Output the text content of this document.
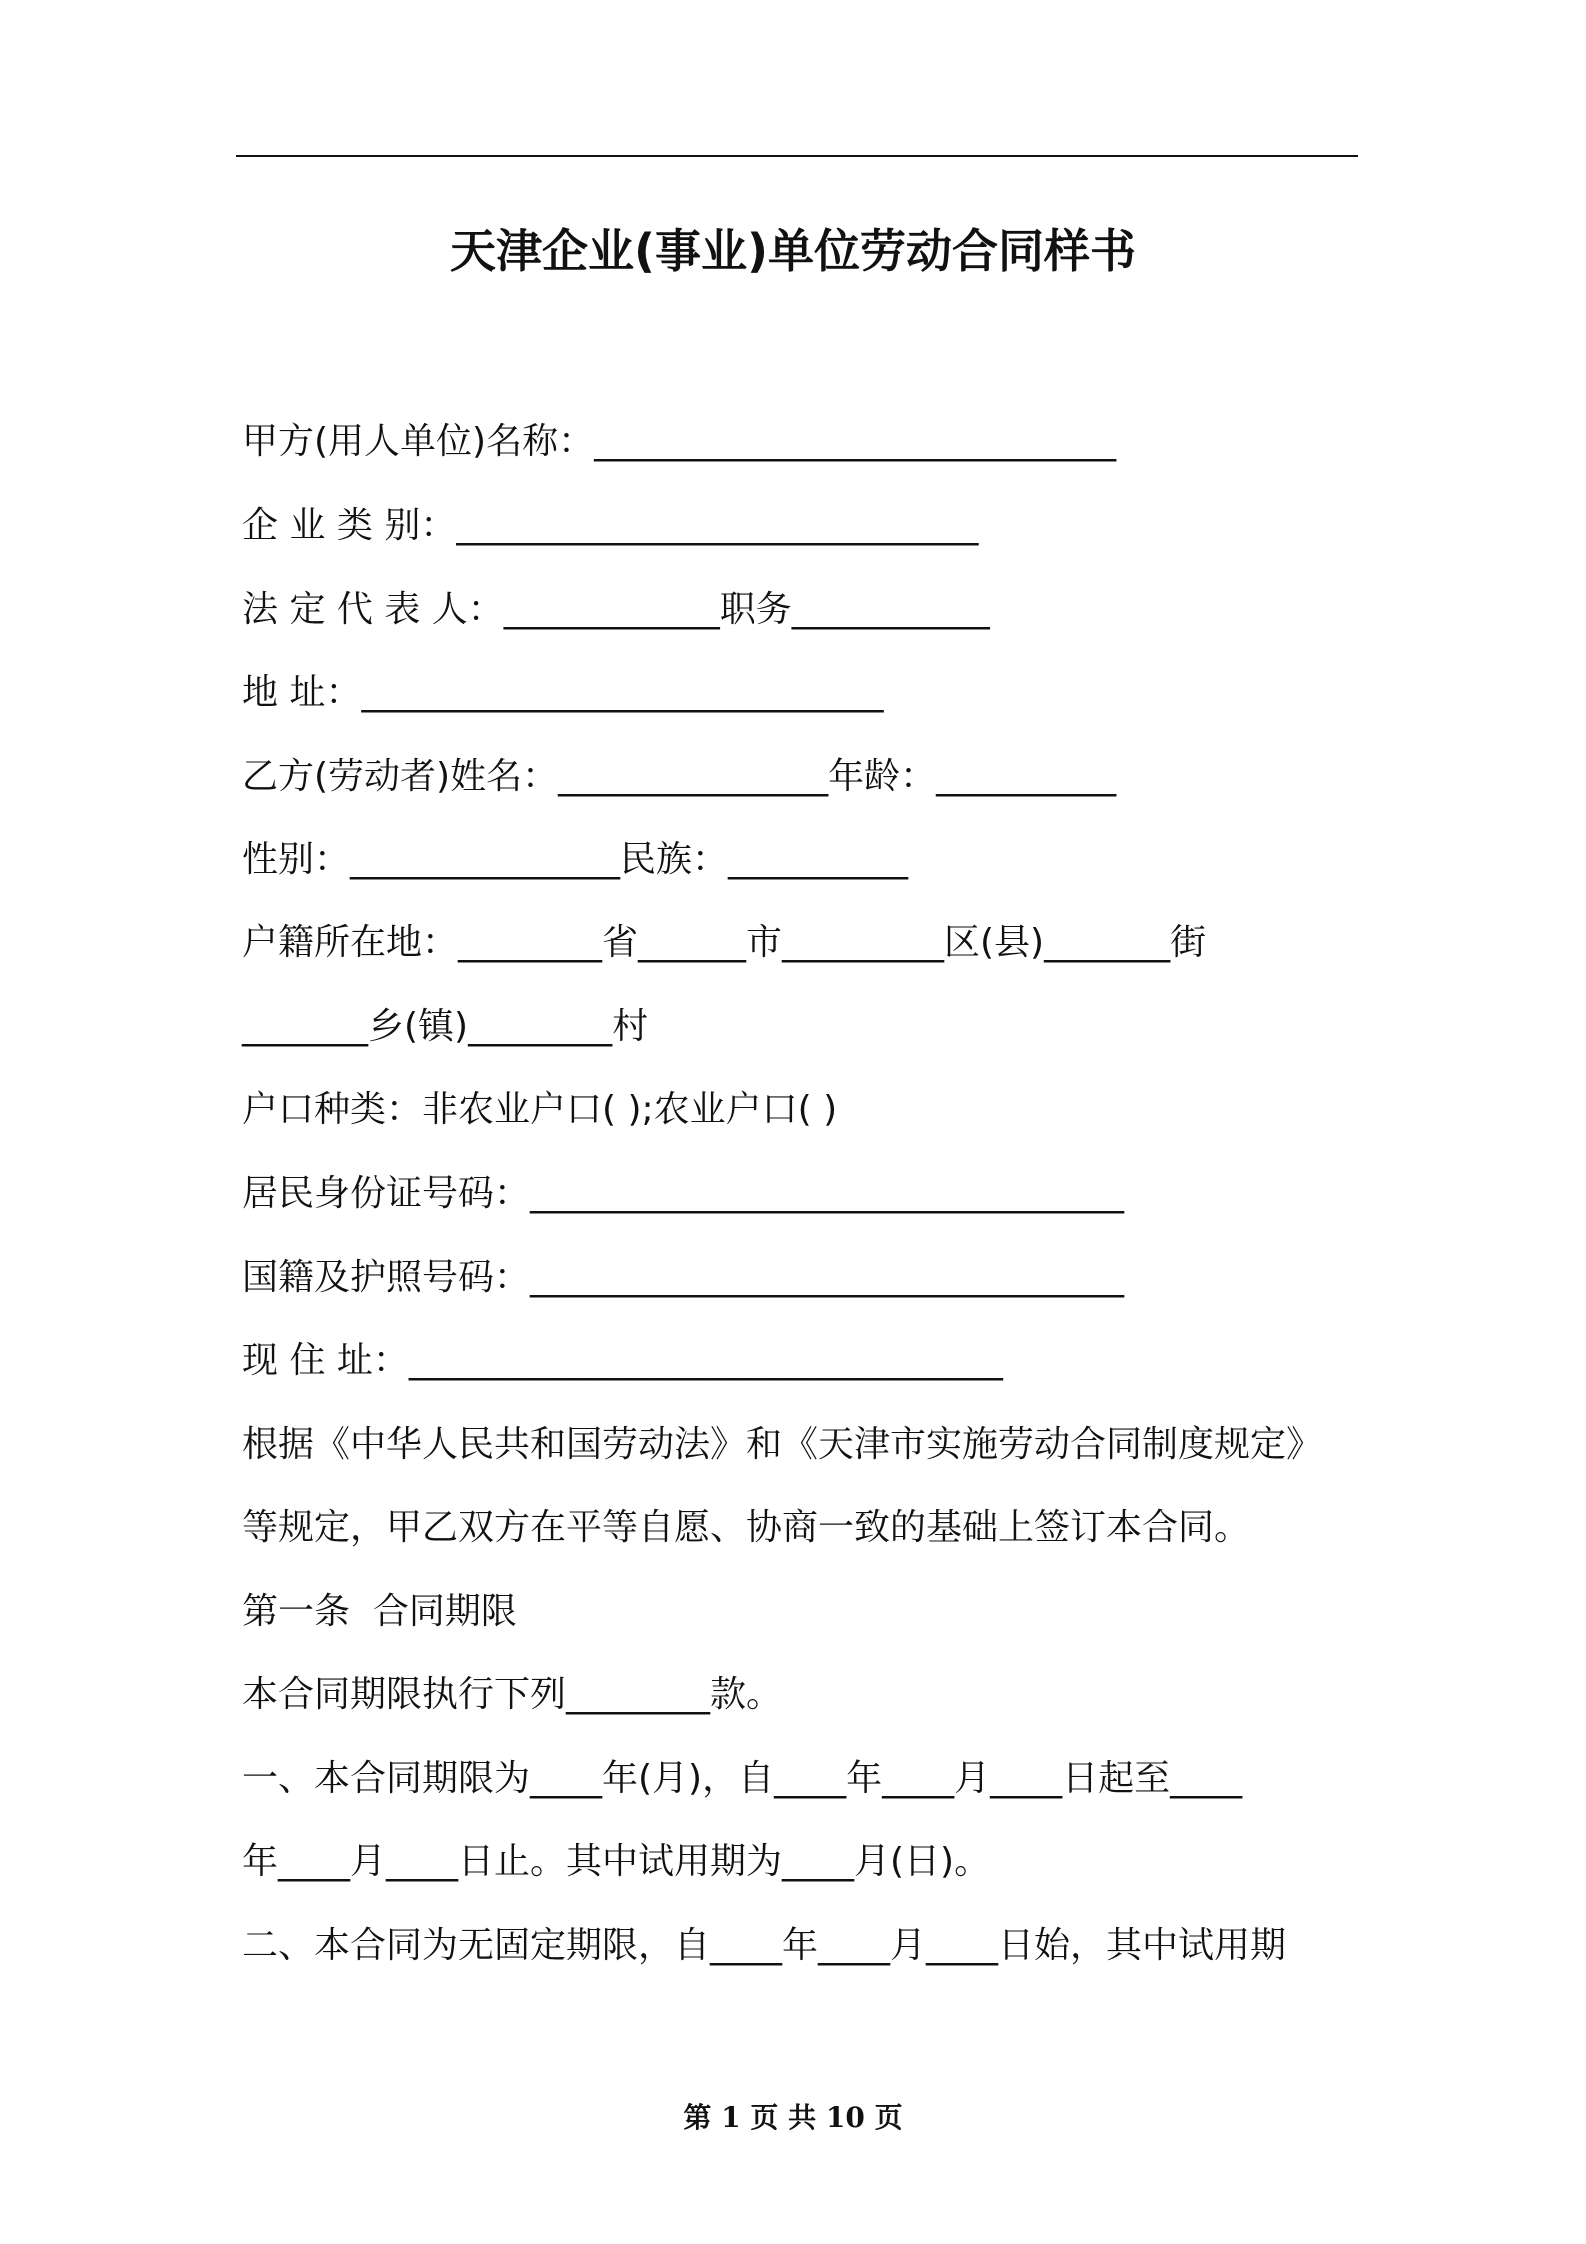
天津企业(事业)单位劳动合同样书
甲方(用人单位)名称：_____________________________
企 业 类 别：_____________________________
法 定 代 表 人：____________职务___________
地 址：_____________________________
乙方(劳动者)姓名：_______________年龄：__________
性别：_______________民族：__________
户籍所在地：________省______市_________区(县)_______街
_______乡(镇)________村
户口种类：非农业户口( );农业户口( )
居民身份证号码：_________________________________
国籍及护照号码：_________________________________
现 住 址：_________________________________
根据《中华人民共和国劳动法》和《天津市实施劳动合同制度规定》
等规定，甲乙双方在平等自愿、协商一致的基础上签订本合同。
第一条  合同期限
本合同期限执行下列________款。
一、本合同期限为____年(月)，自____年____月____日起至____
年____月____日止。其中试用期为____月(日)。
二、本合同为无固定期限，自____年____月____日始，其中试用期
第 1 页 共 10 页
